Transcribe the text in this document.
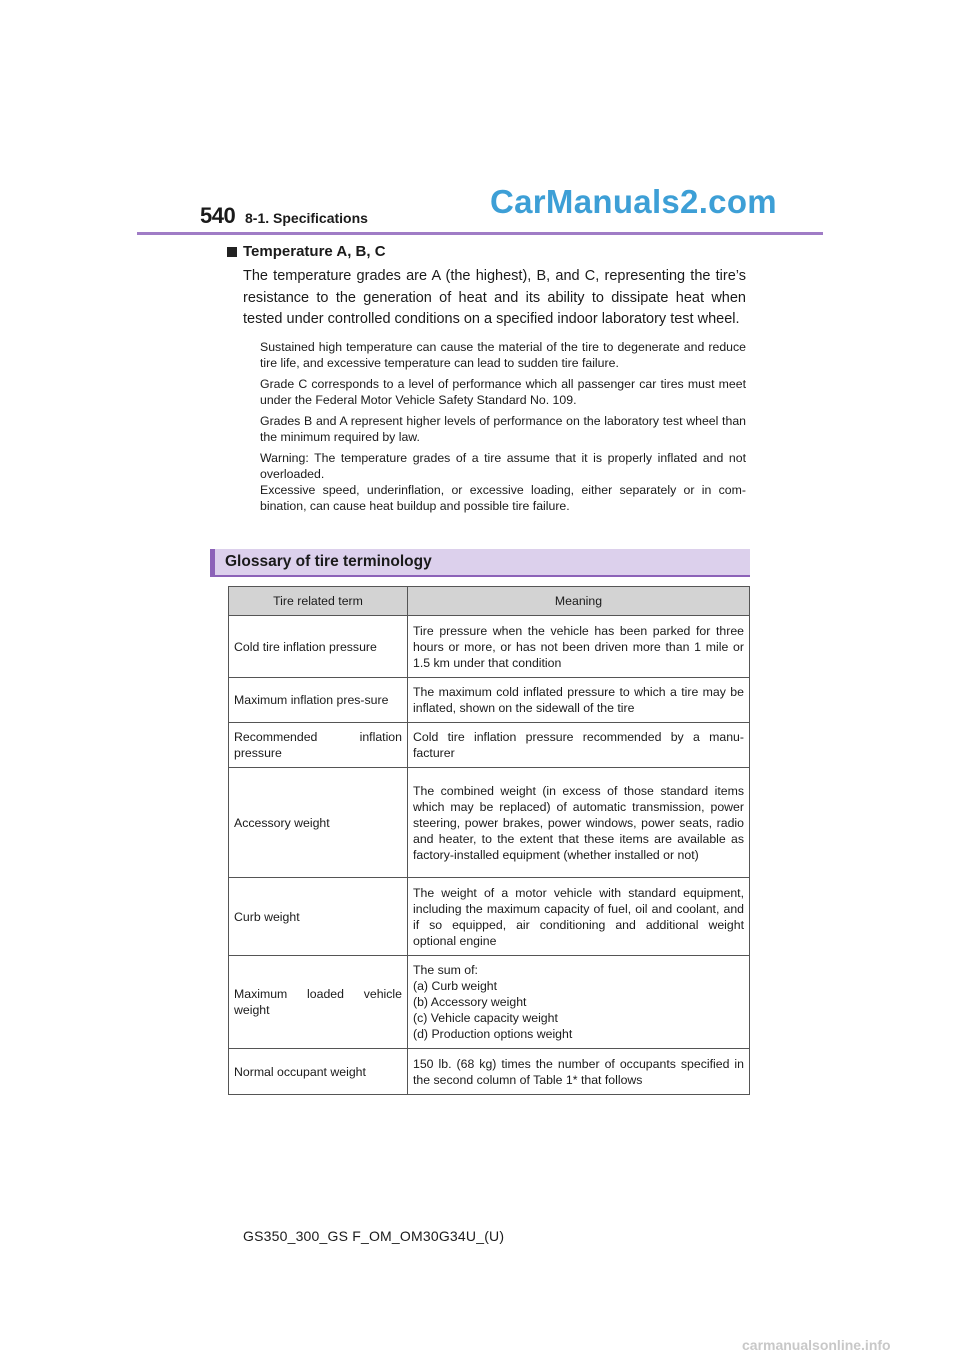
540 8-1. Specifications	CarManuals2.com
Temperature A, B, C
The temperature grades are A (the highest), B, and C, representing the tire’s resistance to the generation of heat and its ability to dissipate heat when tested under controlled conditions on a specified indoor laboratory test wheel.
Sustained high temperature can cause the material of the tire to degenerate and reduce tire life, and excessive temperature can lead to sudden tire failure.
Grade C corresponds to a level of performance which all passenger car tires must meet under the Federal Motor Vehicle Safety Standard No. 109.
Grades B and A represent higher levels of performance on the laboratory test wheel than the minimum required by law.
Warning: The temperature grades of a tire assume that it is properly inflated and not overloaded.
Excessive speed, underinflation, or excessive loading, either separately or in com-bination, can cause heat buildup and possible tire failure.
Glossary of tire terminology
Tire related term	Meaning
Cold tire inflation pressure	Tire pressure when the vehicle has been parked for three hours or more, or has not been driven more than 1 mile or 1.5 km under that condition
Maximum inflation pres-sure	The maximum cold inflated pressure to which a tire may be inflated, shown on the sidewall of the tire
Recommended inflation pressure	Cold tire inflation pressure recommended by a manu-facturer
Accessory weight	The combined weight (in excess of those standard items which may be replaced) of automatic transmission, power steering, power brakes, power windows, power seats, radio and heater, to the extent that these items are available as factory-installed equipment (whether installed or not)
Curb weight	The weight of a motor vehicle with standard equipment, including the maximum capacity of fuel, oil and coolant, and if so equipped, air conditioning and additional weight optional engine
Maximum loaded vehicle weight	The sum of:
(a) Curb weight
(b) Accessory weight
(c) Vehicle capacity weight
(d) Production options weight
Normal occupant weight	150 lb. (68 kg) times the number of occupants specified in the second column of Table 1* that follows
GS350_300_GS F_OM_OM30G34U_(U)
carmanualsonline.info
